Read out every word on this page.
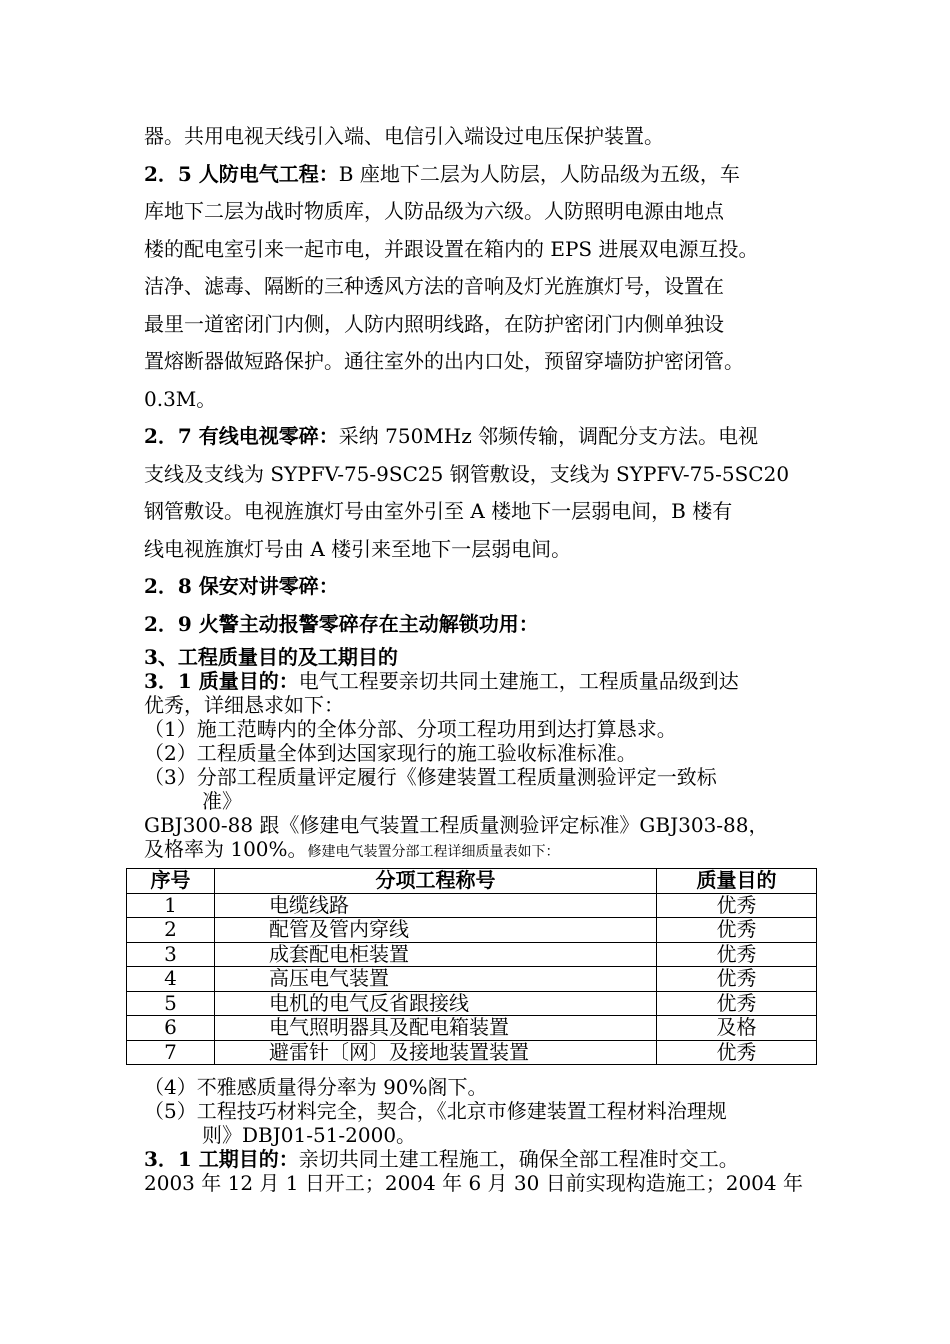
器。共用电视天线引入端、电信引入端设过电压保护装置。
2．5 人防电气工程：B 座地下二层为人防层，人防品级为五级，车
库地下二层为战时物质库，人防品级为六级。人防照明电源由地点
楼的配电室引来一起市电，并跟设置在箱内的 EPS 进展双电源互投。
洁净、滤毒、隔断的三种透风方法的音响及灯光旌旗灯号，设置在
最里一道密闭门内侧，人防内照明线路，在防护密闭门内侧单独设
置熔断器做短路保护。通往室外的出内口处，预留穿墙防护密闭管。
0.3M。
2．7 有线电视零碎：采纳 750MHz 邻频传输，调配分支方法。电视
支线及支线为 SYPFV-75-9SC25 钢管敷设，支线为 SYPFV-75-5SC20
钢管敷设。电视旌旗灯号由室外引至 A 楼地下一层弱电间，B 楼有
线电视旌旗灯号由 A 楼引来至地下一层弱电间。
2．8 保安对讲零碎：
2．9 火警主动报警零碎存在主动解锁功用：
3、工程质量目的及工期目的
3．1 质量目的：电气工程要亲切共同土建施工，工程质量品级到达
优秀，详细恳求如下：
（1）施工范畴内的全体分部、分项工程功用到达打算恳求。
（2）工程质量全体到达国家现行的施工验收标准标准。
（3）分部工程质量评定履行《修建装置工程质量测验评定一致标
准》
GBJ300-88 跟《修建电气装置工程质量测验评定标准》GBJ303-88，
及格率为 100%。修建电气装置分部工程详细质量表如下：
序号	分项工程称号	质量目的
1	电缆线路	优秀
2	配管及管内穿线	优秀
3	成套配电柜装置	优秀
4	高压电气装置	优秀
5	电机的电气反省跟接线	优秀
6	电气照明器具及配电箱装置	及格
7	避雷针〔网〕及接地装置装置	优秀
（4）不雅感质量得分率为 90%阁下。
（5）工程技巧材料完全，契合，《北京市修建装置工程材料治理规
则》DBJ01-51-2000。
3．1 工期目的：亲切共同土建工程施工，确保全部工程准时交工。
2003 年 12 月 1 日开工；2004 年 6 月 30 日前实现构造施工；2004 年
